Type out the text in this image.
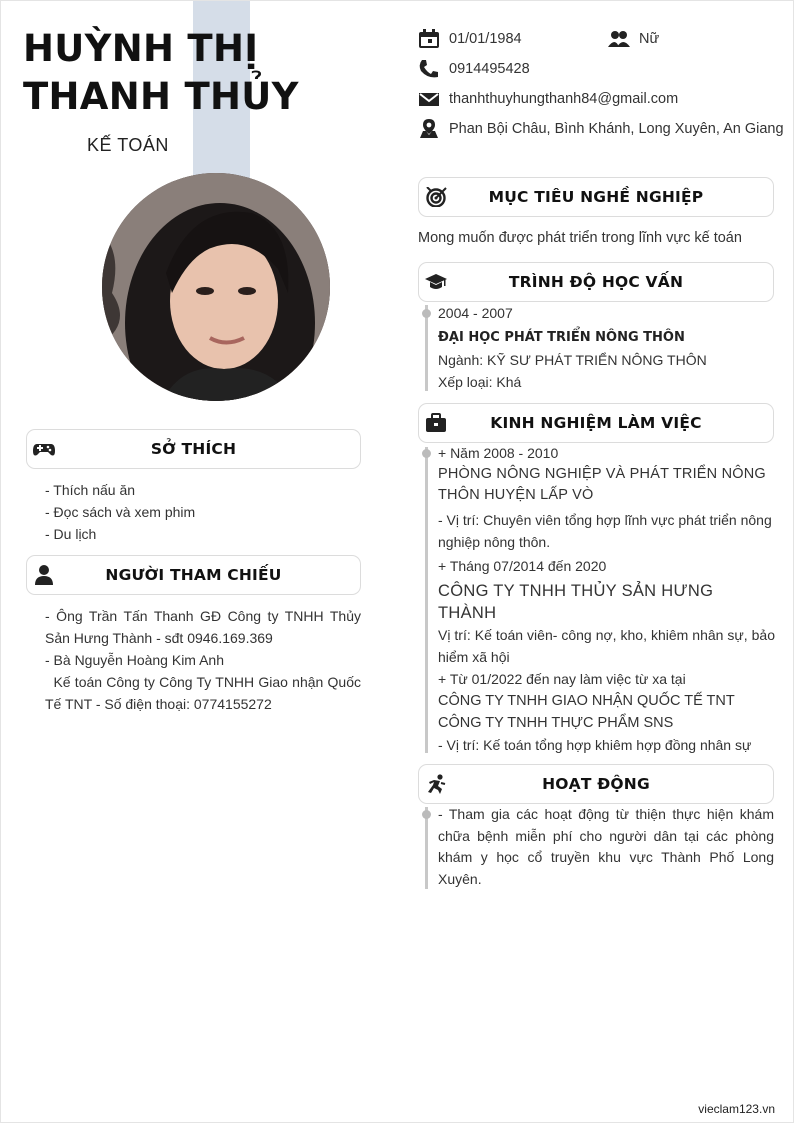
HUỲNH THỊ THANH THỦY
KẾ TOÁN
01/01/1984	Nữ
0914495428
thanhthuyhungthanh84@gmail.com
Phan Bội Châu, Bình Khánh, Long Xuyên, An Giang
SỞ THÍCH
- Thích nấu ăn
- Đọc sách và xem phim
- Du lịch
NGƯỜI THAM CHIẾU

- Ông Trần Tấn Thanh GĐ Công ty TNHH Thủy Sản Hưng Thành - sđt 0946.169.369

- Bà Nguyễn Hoàng Kim Anh

Kế toán Công ty Công Ty TNHH Giao nhận Quốc Tế TNT - Số điện thoại: 0774155272

MỤC TIÊU NGHỀ NGHIỆP
Mong muốn được phát triển trong lĩnh vực kế toán
TRÌNH ĐỘ HỌC VẤN
2004 - 2007
ĐẠI HỌC PHÁT TRIỂN NÔNG THÔN
Ngành: KỸ SƯ PHÁT TRIỂN NÔNG THÔN
Xếp loại: Khá
KINH NGHIỆM LÀM VIỆC
+ Năm 2008 - 2010
PHÒNG NÔNG NGHIỆP VÀ PHÁT TRIỂN NÔNG THÔN HUYỆN LẤP VÒ
- Vị trí: Chuyên viên tổng hợp lĩnh vực phát triển nông nghiệp nông thôn.
+ Tháng 07/2014 đến 2020
CÔNG TY TNHH THỦY SẢN HƯNG THÀNH
Vị trí: Kế toán viên- công nợ, kho, khiêm nhân sự, bảo hiểm xã hội
+ Từ 01/2022 đến nay làm việc từ xa tại
CÔNG TY TNHH GIAO NHẬN QUỐC TẾ TNT
CÔNG TY TNHH THỰC PHẨM SNS
- Vị trí: Kế toán tổng hợp khiêm hợp đồng nhân sự
HOẠT ĐỘNG
- Tham gia các hoạt động từ thiện thực hiện khám chữa bệnh miễn phí cho người dân tại các phòng khám y học cổ truyền khu vực Thành Phố Long Xuyên.
vieclam123.vn
